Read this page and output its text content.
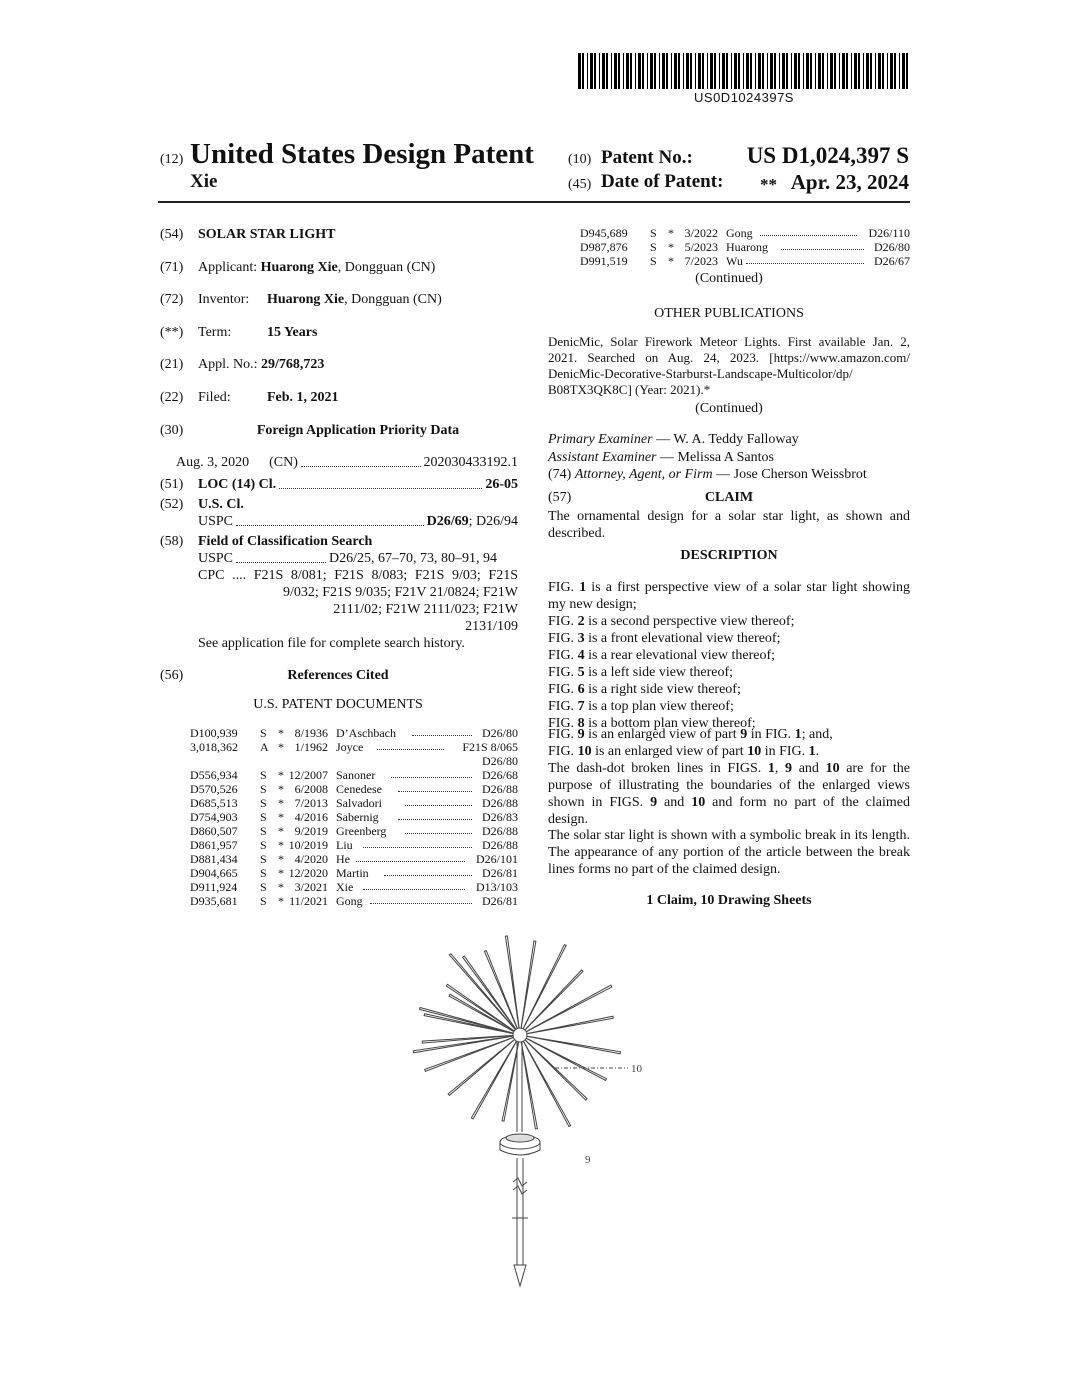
US0D1024397S
(12) United States Design Patent
Xie
(10) Patent No.: US D1,024,397 S
(45) Date of Patent: ** Apr. 23, 2024
(54) SOLAR STAR LIGHT
(71) Applicant: Huarong Xie, Dongguan (CN)
(72) Inventor: Huarong Xie, Dongguan (CN)
(**) Term:	15 Years
(21) Appl. No.: 29/768,723
(22) Filed:	Feb. 1, 2021
(30)	Foreign Application Priority Data
Aug. 3, 2020 (CN)	202030433192.1
(51) LOC (14) Cl.	26-05
(52) U.S. Cl.
USPC	D26/69 ; D26/94
(58) Field of Classification Search
USPC	D26/25, 67–70, 73, 80–91, 94
CPC .... F21S 8/081; F21S 8/083; F21S 9/03; F21S
9/032; F21S 9/035; F21V 21/0824; F21W
2111/02; F21W 2111/023; F21W
2131/109
See application file for complete search history.
(56)	References Cited
U.S. PATENT DOCUMENTS
D100,939 S * 8/1936 D’Aschbach	D26/80
3,018,362 A * 1/1962 Joyce	F21S 8/065
D26/80
D556,934 S * 12/2007 Sanoner	D26/68
D570,526 S * 6/2008 Cenedese	D26/88
D685,513 S * 7/2013 Salvadori	D26/88
D754,903 S * 4/2016 Sabernig	D26/83
D860,507 S * 9/2019 Greenberg	D26/88
D861,957 S * 10/2019 Liu	D26/88
D881,434 S * 4/2020 He	D26/101
D904,665 S * 12/2020 Martin	D26/81
D911,924 S * 3/2021 Xie	D13/103
D935,681 S * 11/2021 Gong	D26/81
D945,689 S * 3/2022 Gong	D26/110
D987,876 S * 5/2023 Huarong	D26/80
D991,519 S * 7/2023 Wu	D26/67
(Continued)
OTHER PUBLICATIONS
DenicMic, Solar Firework Meteor Lights. First available Jan. 2,
2021. Searched on Aug. 24, 2023. [https://www.amazon.com/
DenicMic-Decorative-Starburst-Landscape-Multicolor/dp/
B08TX3QK8C] (Year: 2021).*
(Continued)
Primary Examiner — W. A. Teddy Falloway
Assistant Examiner — Melissa A Santos
(74) Attorney, Agent, or Firm — Jose Cherson Weissbrot
(57)	CLAIM
The ornamental design for a solar star light, as shown and described.
DESCRIPTION
FIG. 1 is a first perspective view of a solar star light showing my new design;
FIG. 2 is a second perspective view thereof;
FIG. 3 is a front elevational view thereof;
FIG. 4 is a rear elevational view thereof;
FIG. 5 is a left side view thereof;
FIG. 6 is a right side view thereof;
FIG. 7 is a top plan view thereof;
FIG. 8 is a bottom plan view thereof;
FIG. 9 is an enlarged view of part 9 in FIG. 1; and,
FIG. 10 is an enlarged view of part 10 in FIG. 1.
The dash-dot broken lines in FIGS. 1, 9 and 10 are for the purpose of illustrating the boundaries of the enlarged views shown in FIGS. 9 and 10 and form no part of the claimed design.
The solar star light is shown with a symbolic break in its length. The appearance of any portion of the article between the break lines forms no part of the claimed design.
1 Claim, 10 Drawing Sheets
10
9
